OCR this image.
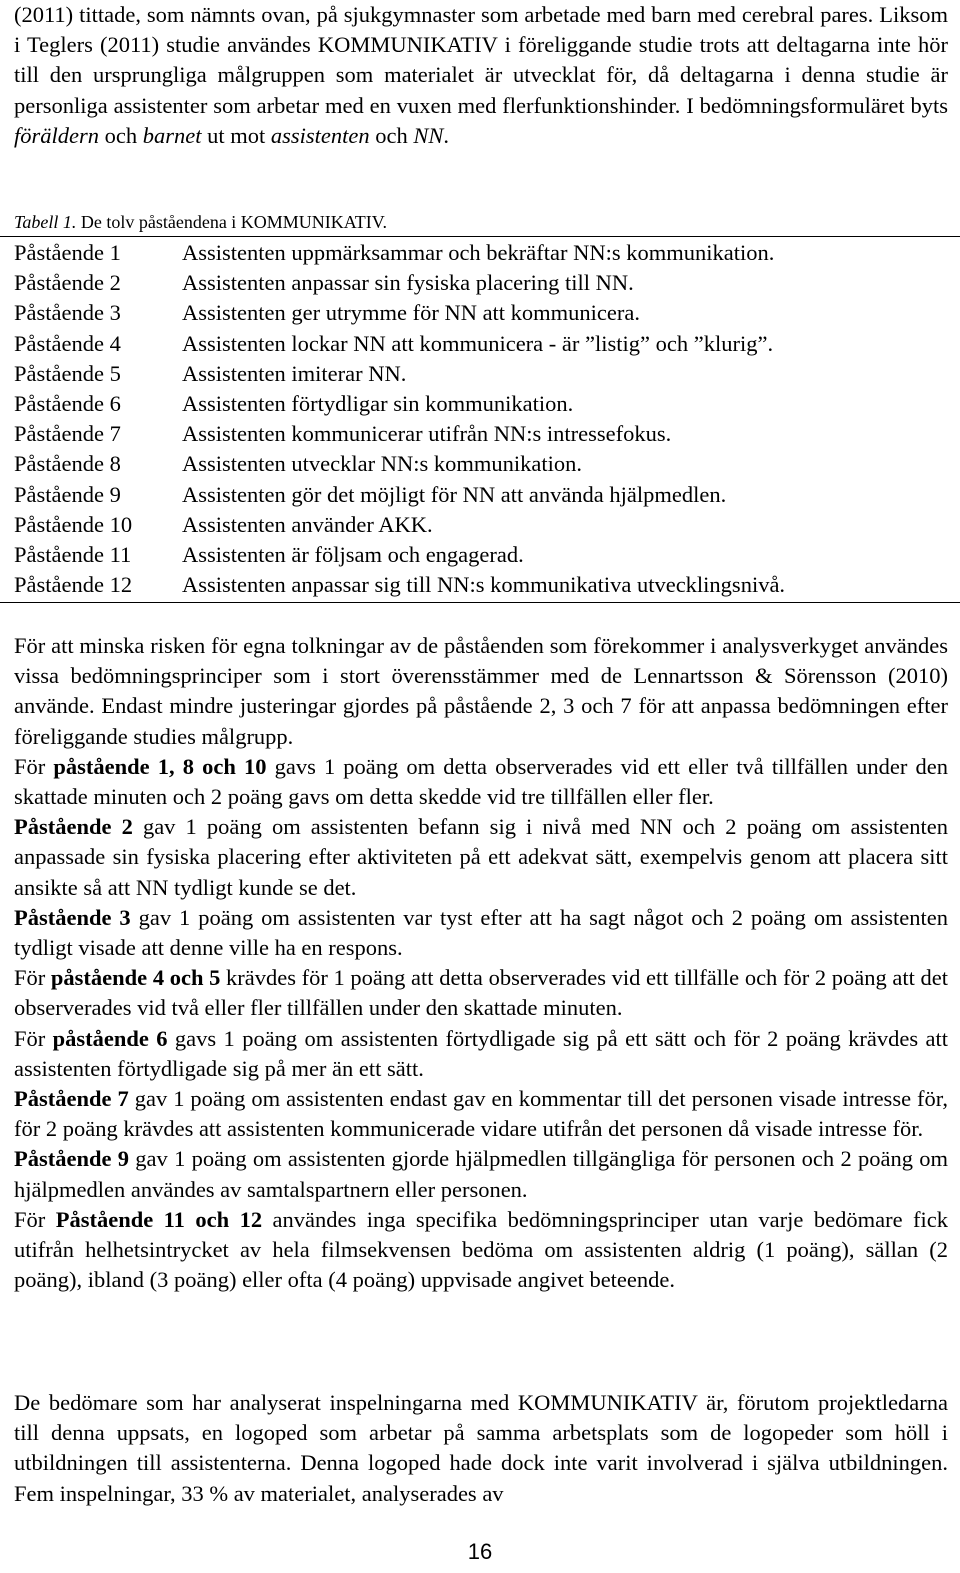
(2011) tittade, som nämnts ovan, på sjukgymnaster som arbetade med barn med cerebral pares. Liksom i Teglers (2011) studie användes KOMMUNIKATIV i föreliggande studie trots att deltagarna inte hör till den ursprungliga målgruppen som materialet är utvecklat för, då deltagarna i denna studie är personliga assistenter som arbetar med en vuxen med flerfunktionshinder. I bedömningsformuläret byts föräldern och barnet ut mot assistenten och NN.

Tabell 1. De tolv påståendena i KOMMUNIKATIV.
Påstående 1	Assistenten uppmärksammar och bekräftar NN:s kommunikation.
Påstående 2	Assistenten anpassar sin fysiska placering till NN.
Påstående 3	Assistenten ger utrymme för NN att kommunicera.
Påstående 4	Assistenten lockar NN att kommunicera - är ”listig” och ”klurig”.
Påstående 5	Assistenten imiterar NN.
Påstående 6	Assistenten förtydligar sin kommunikation.
Påstående 7	Assistenten kommunicerar utifrån NN:s intressefokus.
Påstående 8	Assistenten utvecklar NN:s kommunikation.
Påstående 9	Assistenten gör det möjligt för NN att använda hjälpmedlen.
Påstående 10	Assistenten använder AKK.
Påstående 11	Assistenten är följsam och engagerad.
Påstående 12	Assistenten anpassar sig till NN:s kommunikativa utvecklingsnivå.

För att minska risken för egna tolkningar av de påståenden som förekommer i analysverkyget användes vissa bedömningsprinciper som i stort överensstämmer med de Lennartsson & Sörensson (2010) använde. Endast mindre justeringar gjordes på påstående 2, 3 och 7 för att anpassa bedömningen efter föreliggande studies målgrupp.

För påstående 1, 8 och 10 gavs 1 poäng om detta observerades vid ett eller två tillfällen under den skattade minuten och 2 poäng gavs om detta skedde vid tre tillfällen eller fler.

Påstående 2 gav 1 poäng om assistenten befann sig i nivå med NN och 2 poäng om assistenten anpassade sin fysiska placering efter aktiviteten på ett adekvat sätt, exempelvis genom att placera sitt ansikte så att NN tydligt kunde se det.

Påstående 3 gav 1 poäng om assistenten var tyst efter att ha sagt något och 2 poäng om assistenten tydligt visade att denne ville ha en respons.

För påstående 4 och 5 krävdes för 1 poäng att detta observerades vid ett tillfälle och för 2 poäng att det observerades vid två eller fler tillfällen under den skattade minuten.

För påstående 6 gavs 1 poäng om assistenten förtydligade sig på ett sätt och för 2 poäng krävdes att assistenten förtydligade sig på mer än ett sätt.

Påstående 7 gav 1 poäng om assistenten endast gav en kommentar till det personen visade intresse för, för 2 poäng krävdes att assistenten kommunicerade vidare utifrån det personen då visade intresse för.

Påstående 9 gav 1 poäng om assistenten gjorde hjälpmedlen tillgängliga för personen och 2 poäng om hjälpmedlen användes av samtalspartnern eller personen.

För Påstående 11 och 12 användes inga specifika bedömningsprinciper utan varje bedömare fick utifrån helhetsintrycket av hela filmsekvensen bedöma om assistenten aldrig (1 poäng), sällan (2 poäng), ibland (3 poäng) eller ofta (4 poäng) uppvisade angivet beteende.

De bedömare som har analyserat inspelningarna med KOMMUNIKATIV är, förutom projektledarna till denna uppsats, en logoped som arbetar på samma arbetsplats som de logopeder som höll i utbildningen till assistenterna. Denna logoped hade dock inte varit involverad i själva utbildningen. Fem inspelningar, 33 % av materialet, analyserades av

16
